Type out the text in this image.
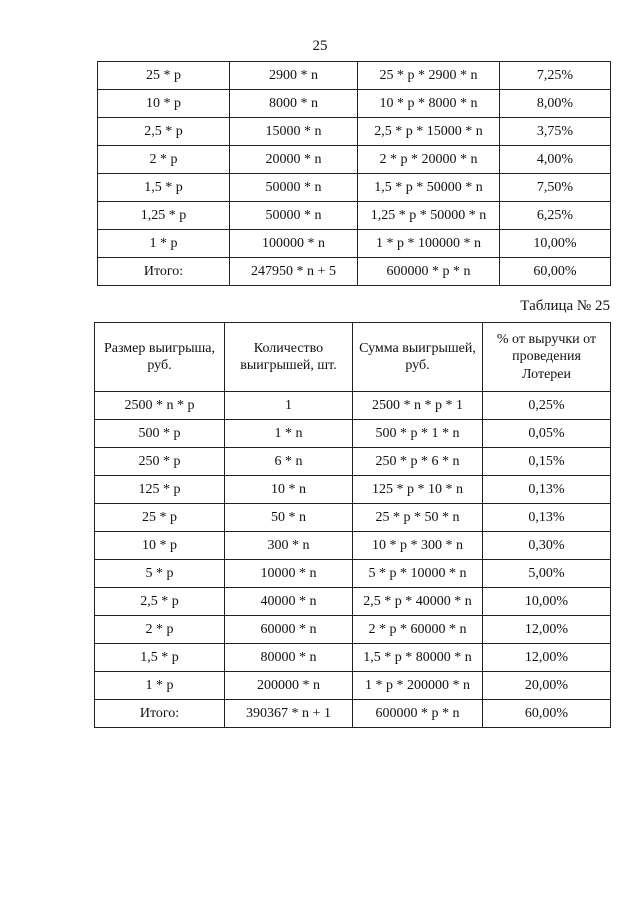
25
25 * p	2900 * n	25 * p * 2900 * n	7,25%
10 * p	8000 * n	10 * p * 8000 * n	8,00%
2,5 * p	15000 * n	2,5 * p * 15000 * n	3,75%
2 * p	20000 * n	2 * p * 20000 * n	4,00%
1,5 * p	50000 * n	1,5 * p * 50000 * n	7,50%
1,25 * p	50000 * n	1,25 * p * 50000 * n	6,25%
1 * p	100000 * n	1 * p * 100000 * n	10,00%
Итого:	247950 * n + 5	600000 * p * n	60,00%
Таблица № 25
Размер выигрыша, руб.	Количество выигрышей, шт.	Сумма выигрышей, руб.	% от выручки от проведения Лотереи
2500 * n * p	1	2500 * n * p * 1	0,25%
500 * p	1 * n	500 * p * 1 * n	0,05%
250 * p	6 * n	250 * p * 6 * n	0,15%
125 * p	10 * n	125 * p * 10 * n	0,13%
25 * p	50 * n	25 * p * 50 * n	0,13%
10 * p	300 * n	10 * p * 300 * n	0,30%
5 * p	10000 * n	5 * p * 10000 * n	5,00%
2,5 * p	40000 * n	2,5 * p * 40000 * n	10,00%
2 * p	60000 * n	2 * p * 60000 * n	12,00%
1,5 * p	80000 * n	1,5 * p * 80000 * n	12,00%
1 * p	200000 * n	1 * p * 200000 * n	20,00%
Итого:	390367 * n + 1	600000 * p * n	60,00%
